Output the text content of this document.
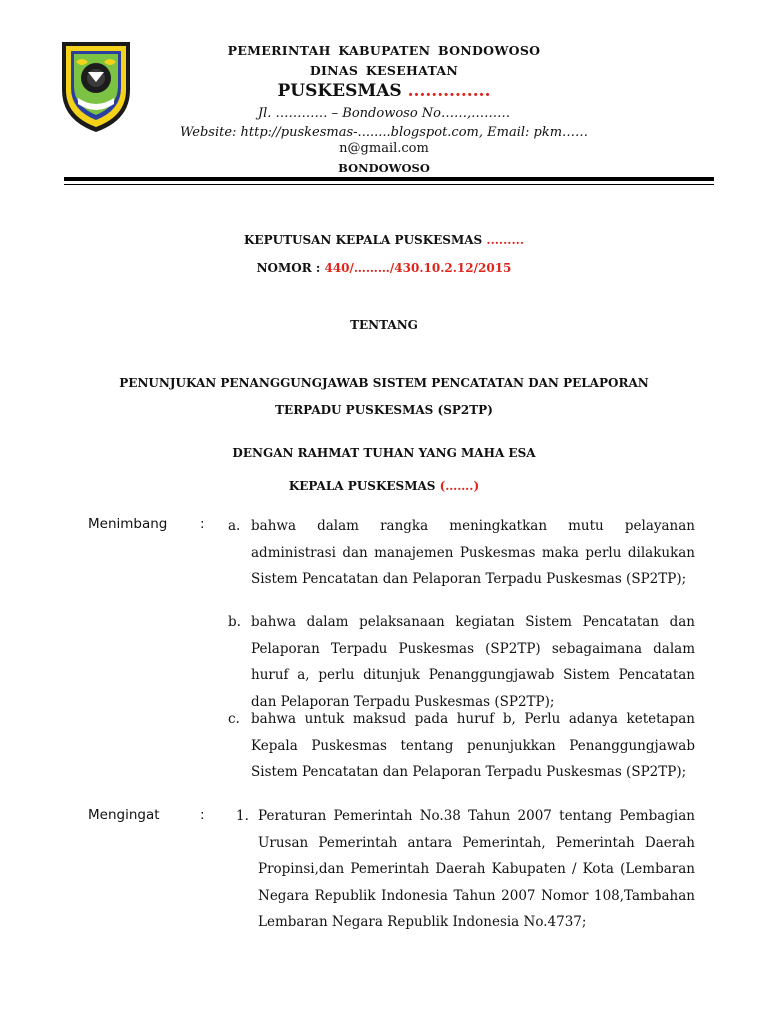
PEMERINTAH KABUPATEN BONDOWOSO
DINAS KESEHATAN
PUSKESMAS ..............
Jl. ………… – Bondowoso No……,………
Website: http://puskesmas-........blogspot.com, Email: pkm……
n@gmail.com
BONDOWOSO
KEPUTUSAN KEPALA PUSKESMAS .........
NOMOR : 440/………/430.10.2.12/2015
TENTANG
PENUNJUKAN PENANGGUNGJAWAB SISTEM PENCATATAN DAN PELAPORAN
TERPADU PUSKESMAS (SP2TP)
DENGAN RAHMAT TUHAN YANG MAHA ESA
KEPALA PUSKESMAS (…….)
Menimbang : a. bahwa dalam rangka meningkatkan mutu pelayanan administrasi dan manajemen Puskesmas maka perlu dilakukan Sistem Pencatatan dan Pelaporan Terpadu Puskesmas (SP2TP);
b. bahwa dalam pelaksanaan kegiatan Sistem Pencatatan dan Pelaporan Terpadu Puskesmas (SP2TP) sebagaimana dalam huruf a, perlu ditunjuk Penanggungjawab Sistem Pencatatan dan Pelaporan Terpadu Puskesmas (SP2TP);
c. bahwa untuk maksud pada huruf b, Perlu adanya ketetapan Kepala Puskesmas tentang penunjukkan Penanggungjawab Sistem Pencatatan dan Pelaporan Terpadu Puskesmas (SP2TP);
Mengingat	: 1. Peraturan Pemerintah No.38 Tahun 2007 tentang Pembagian Urusan Pemerintah antara Pemerintah, Pemerintah Daerah Propinsi,dan Pemerintah Daerah Kabupaten / Kota (Lembaran Negara Republik Indonesia Tahun 2007 Nomor 108,Tambahan Lembaran Negara Republik Indonesia No.4737;
